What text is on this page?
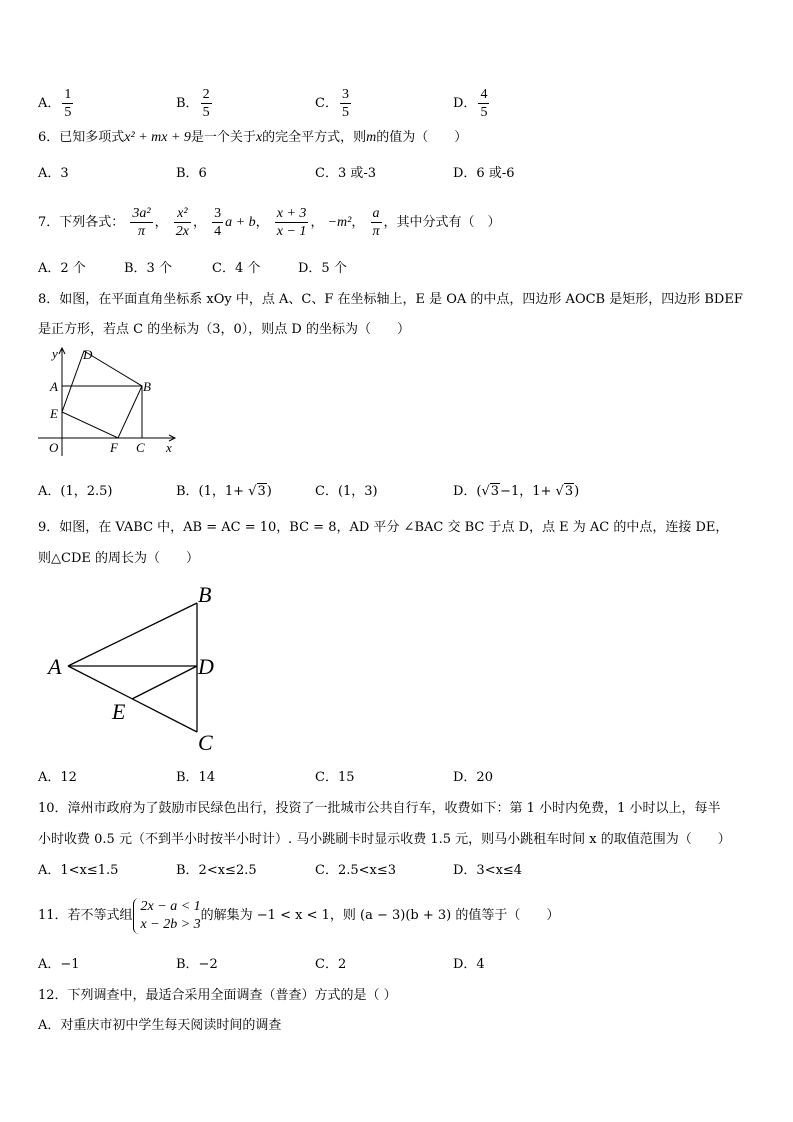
A． $\frac{1}{5}$	B． $\frac{2}{5}$	C． $\frac{3}{5}$	D． $\frac{4}{5}$
6．已知多项式x² + mx + 9是一个关于x的完全平方式，则m的值为（　　）
A．3	B．6	C．3 或-3	D．6 或-6
7．下列各式： $\frac{\text{3a²}}{\pi}$ ， $\frac{\text{x²}}{2x}$ ， $\frac{3}{4}$ a + b， $\frac{x + 3}{x - 1}$ ， −m²， $\frac{a}{\pi}$ ，其中分式有（　）
A．2 个	B．3 个	C．4 个	D．5 个
8．如图，在平面直角坐标系 xOy 中，点 A、C、F 在坐标轴上，E 是 OA 的中点，四边形 AOCB 是矩形，四边形 BDEF
是正方形，若点 C 的坐标为（3，0），则点 D 的坐标为（　　）
y D
A	B
E
O	F C x
A．(1，2.5)	B．(1，1+ √3)	C．(1，3)	D．(√3−1，1+ √3)
9．如图，在 VABC 中，AB = AC = 10，BC = 8，AD 平分 ∠BAC 交 BC 于点 D，点 E 为 AC 的中点，连接 DE，
则△CDE 的周长为（　　）
B
A	D
E
C
A．12	B．14	C．15	D．20
10．漳州市政府为了鼓励市民绿色出行，投资了一批城市公共自行车，收费如下：第 1 小时内免费，1 小时以上，每半
小时收费 0.5 元（不到半小时按半小时计）. 马小跳刷卡时显示收费 1.5 元，则马小跳租车时间 x 的取值范围为（　　）
A．1<x≤1.5	B．2<x≤2.5	C．2.5<x≤3	D．3<x≤4
11．若不等式组
2x − a < 1
x − 2b > 3
的解集为 −1 < x < 1，则 (a − 3)(b + 3) 的值等于（　　）
A．−1	B．−2	C．2	D．4
12．下列调查中，最适合采用全面调查（普查）方式的是（ ）
A．对重庆市初中学生每天阅读时间的调查
